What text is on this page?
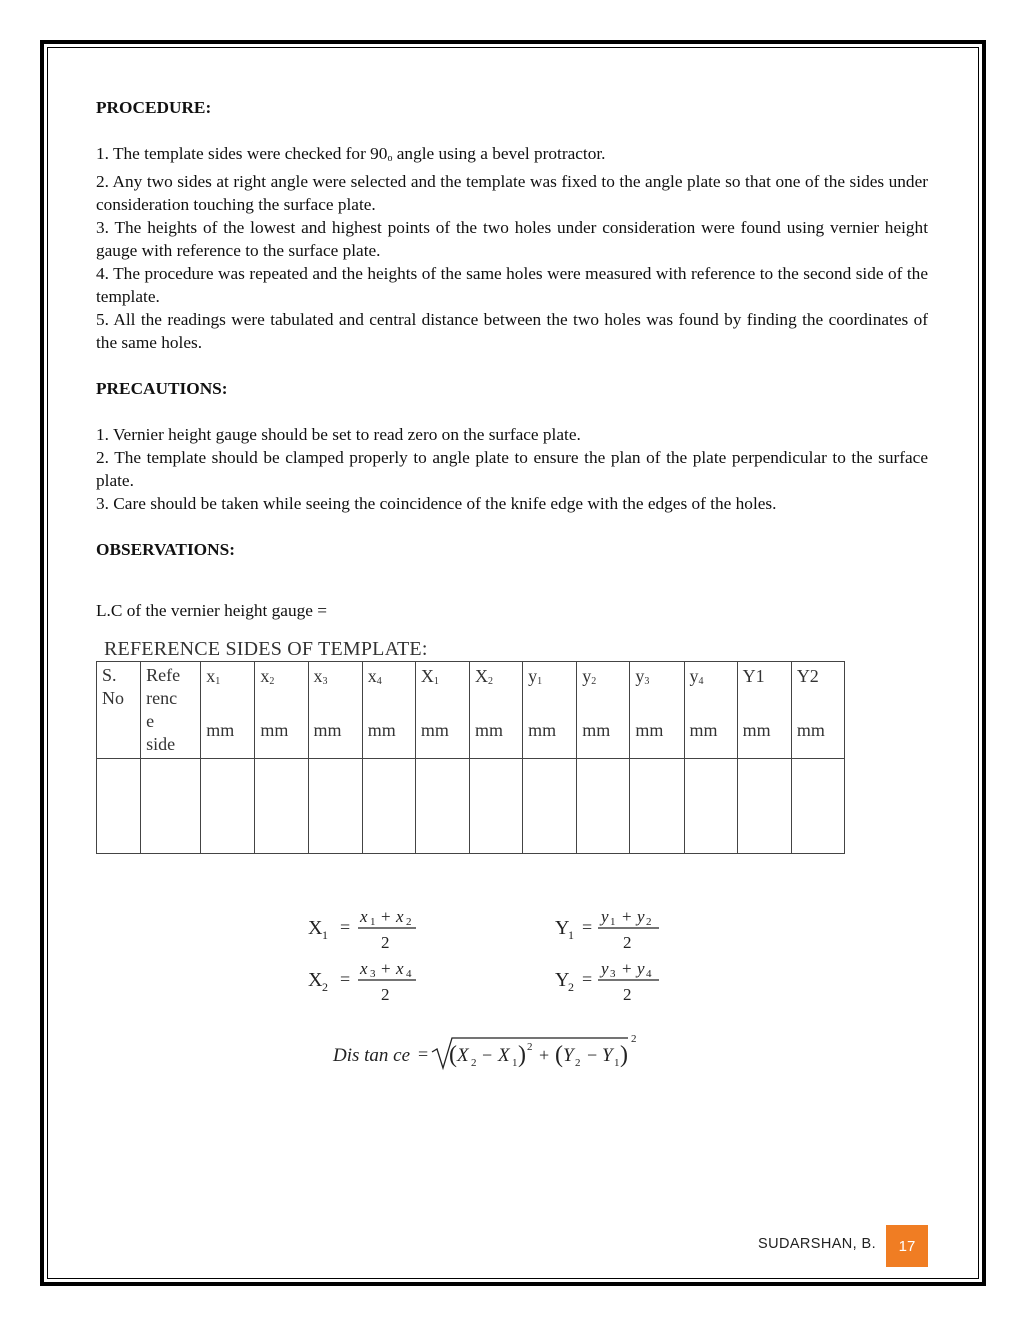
PROCEDURE:

1. The template sides were checked for $90_o$ angle using a bevel protractor.

2. Any two sides at right angle were selected and the template was fixed to the angle plate so that one of the sides under consideration touching the surface plate.

3. The heights of the lowest and highest points of the two holes under consideration were found using vernier height gauge with reference to the surface plate.

4. The procedure was repeated and the heights of the same holes were measured with reference to the second side of the template.

5. All the readings were tabulated and central distance between the two holes was found by finding the coordinates of the same holes.

PRECAUTIONS:

1. Vernier height gauge should be set to read zero on the surface plate.

2. The template should be clamped properly to angle plate to ensure the plan of the plate perpendicular to the surface plate.

3. Care should be taken while seeing the coincidence of the knife edge with the edges of the holes.

OBSERVATIONS:

L.C of the vernier height gauge =
REFERENCE SIDES OF TEMPLATE:
S.
No	Refe
renc
e
side	$x_1$
mm	$x_2$
mm	$x_3$
mm	$x_4$
mm	$X_1$
mm	$X_2$
mm	$y_1$
mm	$y_2$
mm	$y_3$
mm	$y_4$
mm	Y1
mm	Y2
mm

X 1 =
x 1 + x 2
2
X 2 =
x 3 + x 4
2
Y
1 =
y 1 + y 2
2
Y
2 =
y 3 + y 4
2
Dis tan ce = ( X 2 − X 1 ) 2 + ( Y 2 − Y 1 )
2
SUDARSHAN, B. 17
